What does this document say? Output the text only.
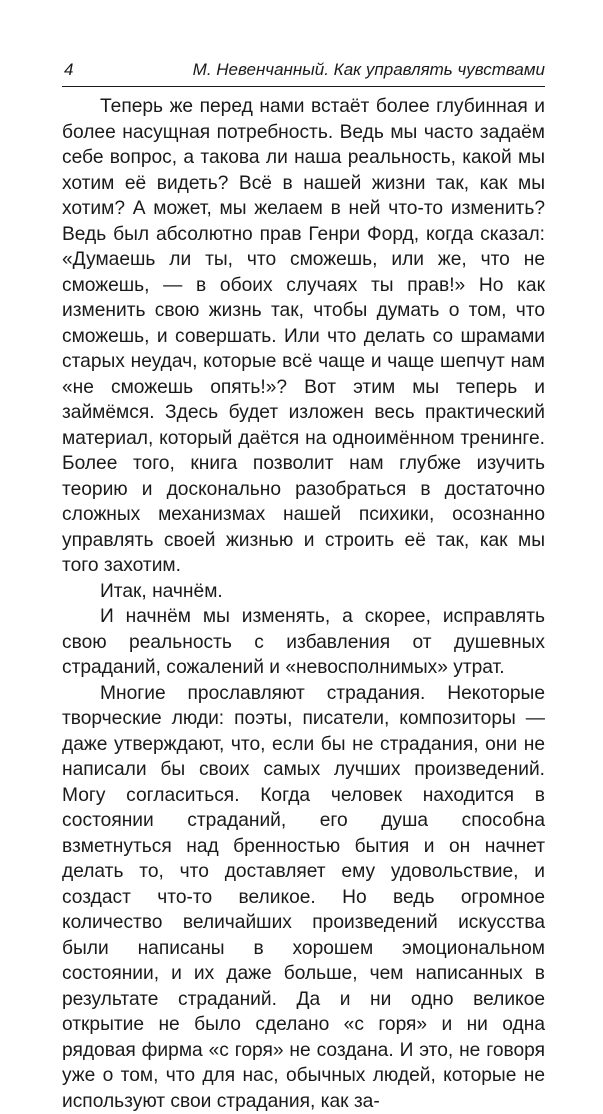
4	М. Невенчанный. Как управлять чувствами

Теперь же перед нами встаёт более глубинная и более насущная потребность. Ведь мы часто задаём себе вопрос, а такова ли наша реальность, какой мы хотим её видеть? Всё в нашей жизни так, как мы хотим? А может, мы желаем в ней что-то изменить? Ведь был абсолютно прав Генри Форд, когда сказал: «Думаешь ли ты, что сможешь, или же, что не сможешь, — в обоих случаях ты прав!» Но как изменить свою жизнь так, чтобы думать о том, что сможешь, и совершать. Или что делать со шрамами старых неудач, которые всё чаще и чаще шепчут нам «не сможешь опять!»? Вот этим мы теперь и займёмся. Здесь будет изложен весь практический материал, который даётся на одноимённом тренинге. Более того, книга позволит нам глубже изучить теорию и досконально разобраться в достаточно сложных механизмах нашей психики, осознанно управлять своей жизнью и строить её так, как мы того захотим.

Итак, начнём.

И начнём мы изменять, а скорее, исправлять свою реальность с избавления от душевных страданий, сожалений и «невосполнимых» утрат.

Многие прославляют страдания. Некоторые творческие люди: поэты, писатели, композиторы — даже утверждают, что, если бы не страдания, они не написали бы своих самых лучших произведений. Могу согласиться. Когда человек находится в состоянии страданий, его душа способна взметнуться над бренностью бытия и он начнет делать то, что доставляет ему удовольствие, и создаст что-то великое. Но ведь огромное количество величайших произведений искусства были написаны в хорошем эмоциональном состоянии, и их даже больше, чем написанных в результате страданий. Да и ни одно великое открытие не было сделано «с горя» и ни одна рядовая фирма «с горя» не создана. И это, не говоря уже о том, что для нас, обычных людей, которые не используют свои страдания, как за-
